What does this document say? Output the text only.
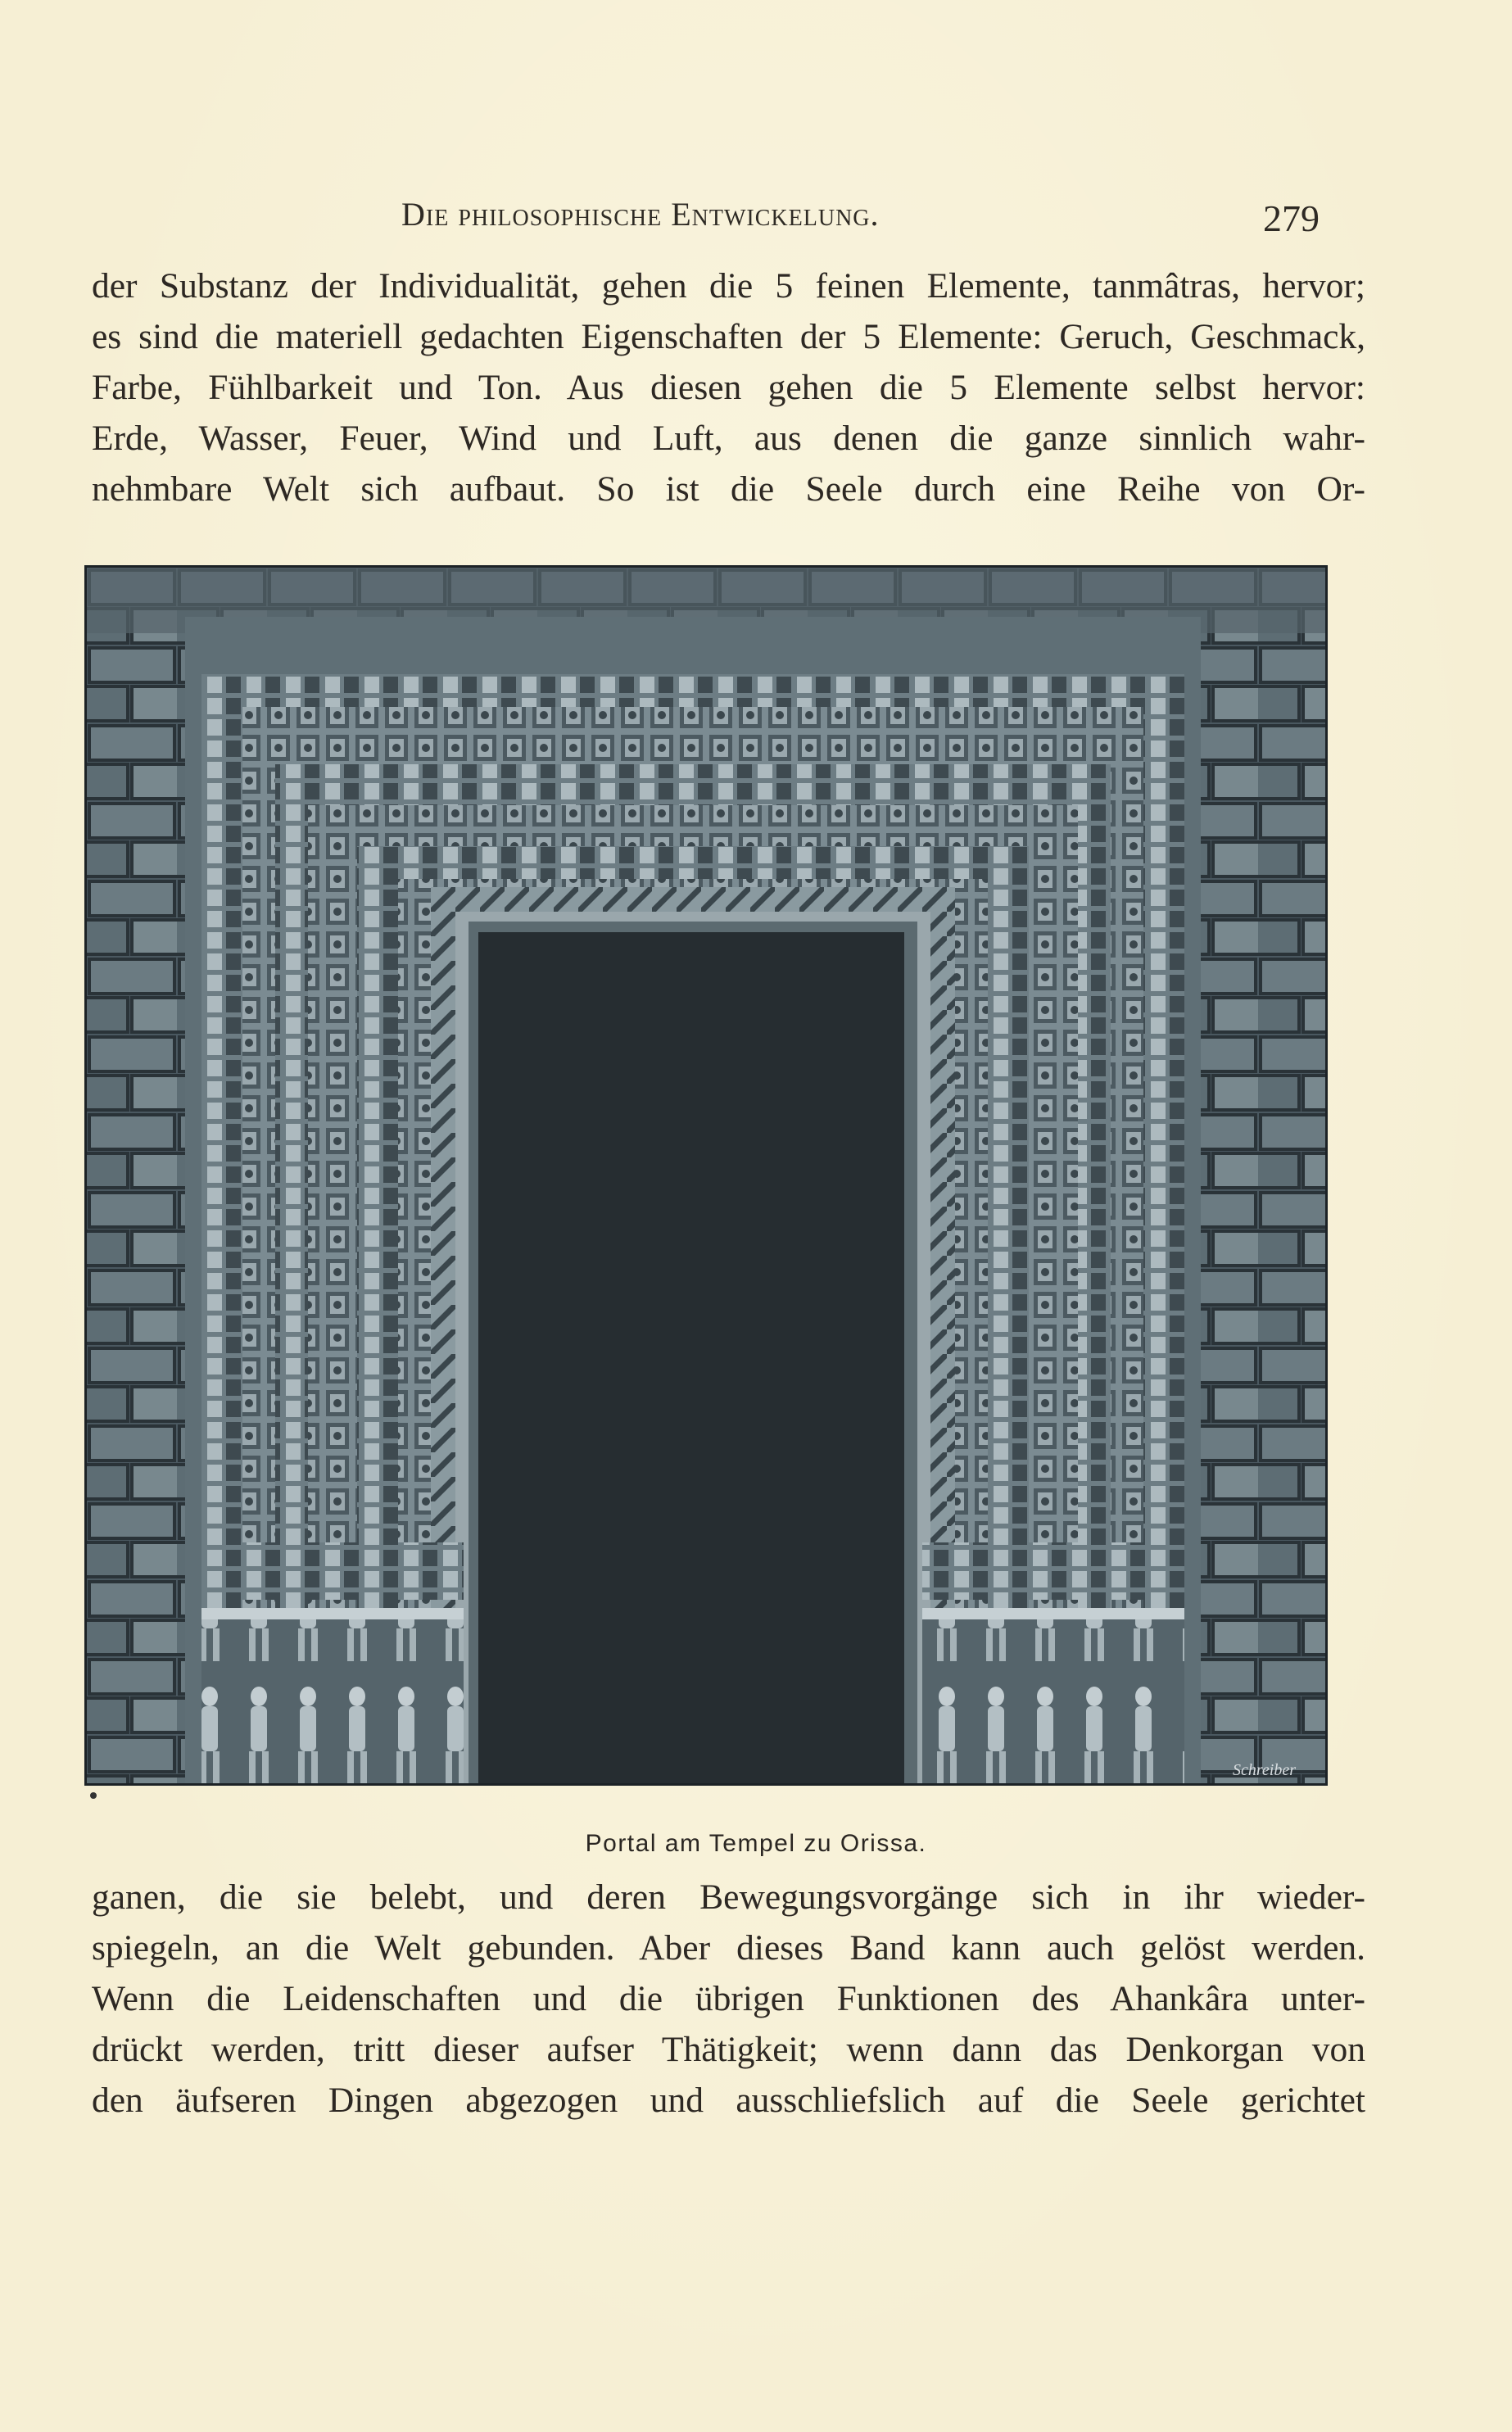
Die philosophische Entwickelung.	279
der Substanz der Individualität, gehen die 5 feinen Elemente, tanmâtras, hervor;
es sind die materiell gedachten Eigenschaften der 5 Elemente: Geruch, Geschmack,
Farbe, Fühlbarkeit und Ton. Aus diesen gehen die 5 Elemente selbst hervor:
Erde, Wasser, Feuer, Wind und Luft, aus denen die ganze sinnlich wahr-
nehmbare Welt sich aufbaut. So ist die Seele durch eine Reihe von Or-
Schreiber
Portal am Tempel zu Orissa.
ganen, die sie belebt, und deren Bewegungsvorgänge sich in ihr wieder-
spiegeln, an die Welt gebunden. Aber dieses Band kann auch gelöst werden.
Wenn die Leidenschaften und die übrigen Funktionen des Ahankâra unter-
drückt werden, tritt dieser aufser Thätigkeit; wenn dann das Denkorgan von
den äufseren Dingen abgezogen und ausschliefslich auf die Seele gerichtet
